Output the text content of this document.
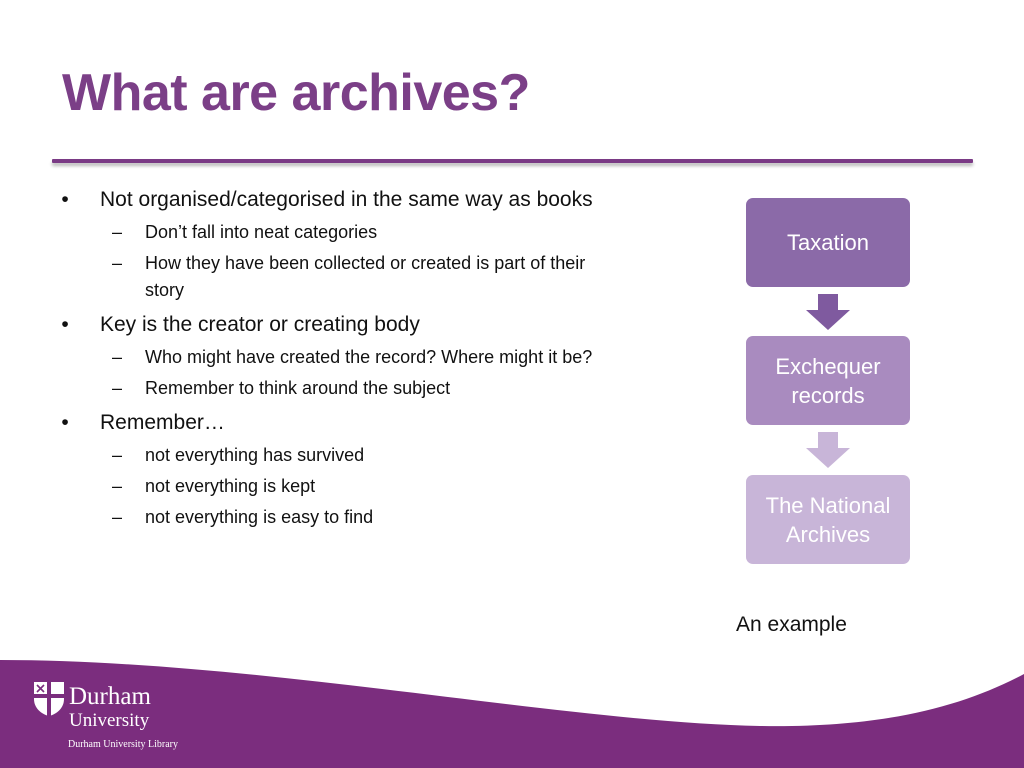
What are archives?
• Not organised/categorised in the same way as books
– Don’t fall into neat categories
– How they have been collected or created is part of their story
• Key is the creator or creating body
– Who might have created the record? Where might it be?
– Remember to think around the subject
• Remember…
– not everything has survived
– not everything is kept
– not everything is easy to find
Taxation
Exchequer records
The National Archives
An example
Durham
University
Durham University Library
